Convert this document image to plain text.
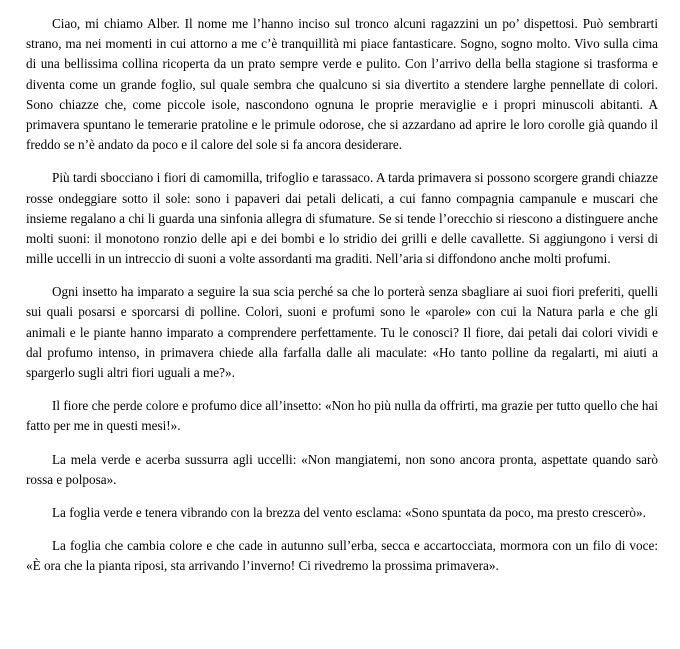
Ciao, mi chiamo Alber. Il nome me l’hanno inciso sul tronco alcuni ragazzini un po’ dispettosi. Può sembrarti strano, ma nei momenti in cui attorno a me c’è tranquillità mi piace fantasticare. Sogno, sogno molto. Vivo sulla cima di una bellissima collina ricoperta da un prato sempre verde e pulito. Con l’arrivo della bella stagione si trasforma e diventa come un grande foglio, sul quale sembra che qualcuno si sia divertito a stendere larghe pennellate di colori. Sono chiazze che, come piccole isole, nascondono ognuna le proprie meraviglie e i propri minuscoli abitanti. A primavera spuntano le temerarie pratoline e le primule odorose, che si azzardano ad aprire le loro corolle già quando il freddo se n’è andato da poco e il calore del sole si fa ancora desiderare.

Più tardi sbocciano i fiori di camomilla, trifoglio e tarassaco. A tarda primavera si possono scorgere grandi chiazze rosse ondeggiare sotto il sole: sono i papaveri dai petali delicati, a cui fanno compagnia campanule e muscari che insieme regalano a chi li guarda una sinfonia allegra di sfumature. Se si tende l’orecchio si riescono a distinguere anche molti suoni: il monotono ronzio delle api e dei bombi e lo stridio dei grilli e delle cavallette. Si aggiungono i versi di mille uccelli in un intreccio di suoni a volte assordanti ma graditi. Nell’aria si diffondono anche molti profumi.

Ogni insetto ha imparato a seguire la sua scia perché sa che lo porterà senza sbagliare ai suoi fiori preferiti, quelli sui quali posarsi e sporcarsi di polline. Colori, suoni e profumi sono le «parole» con cui la Natura parla e che gli animali e le piante hanno imparato a comprendere perfettamente. Tu le conosci? Il fiore, dai petali dai colori vividi e dal profumo intenso, in primavera chiede alla farfalla dalle ali maculate: «Ho tanto polline da regalarti, mi aiuti a spargerlo sugli altri fiori uguali a me?».

Il fiore che perde colore e profumo dice all’insetto: «Non ho più nulla da offrirti, ma grazie per tutto quello che hai fatto per me in questi mesi!».

La mela verde e acerba sussurra agli uccelli: «Non mangiatemi, non sono ancora pronta, aspettate quando sarò rossa e polposa».

La foglia verde e tenera vibrando con la brezza del vento esclama: «Sono spuntata da poco, ma presto crescerò».

La foglia che cambia colore e che cade in autunno sull’erba, secca e accartocciata, mormora con un filo di voce: «È ora che la pianta riposi, sta arrivando l’inverno! Ci rivedremo la prossima primavera».
